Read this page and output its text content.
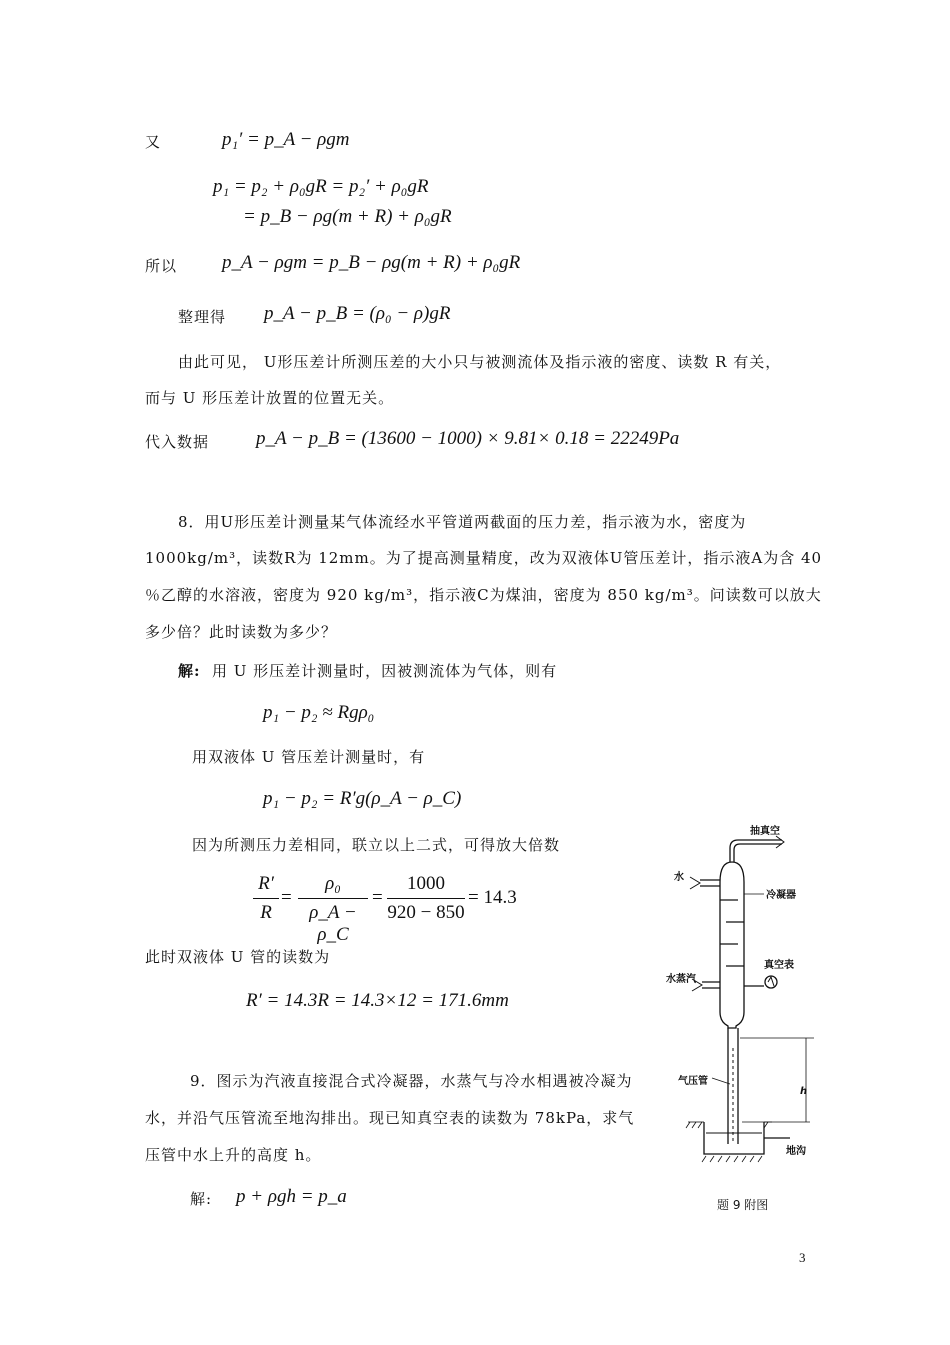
又	p₁′ = p_A − ρgm
p₁ = p₂ + ρ₀gR = p₂′ + ρ₀gR
= p_B − ρg(m + R) + ρ₀gR
所以 p_A − ρgm = p_B − ρg(m + R) + ρ₀gR
整理得 p_A − p_B = (ρ₀ − ρ)gR
由此可见， U形压差计所测压差的大小只与被测流体及指示液的密度、读数 R 有关，
而与 U 形压差计放置的位置无关。
代入数据 p_A − p_B = (13600 − 1000) × 9.81× 0.18 = 22249Pa
8．用U形压差计测量某气体流经水平管道两截面的压力差，指示液为水，密度为
1000kg/m³，读数R为 12mm。为了提高测量精度，改为双液体U管压差计，指示液A为含 40
％乙醇的水溶液，密度为 920 kg/m³，指示液C为煤油，密度为 850 kg/m³。问读数可以放大
多少倍？此时读数为多少？
解: 用 U 形压差计测量时，因被测流体为气体，则有
p₁ − p₂ ≈ Rgρ₀
用双液体 U 管压差计测量时，有
p₁ − p₂ = R′g(ρ_A − ρ_C)
因为所测压力差相同，联立以上二式，可得放大倍数
R′
R
=
ρ₀
ρ_A − ρ_C
=
1000
920 − 850
= 14.3
此时双液体 U 管的读数为
R′ = 14.3R = 14.3×12 = 171.6mm
9．图示为汽液直接混合式冷凝器，水蒸气与冷水相遇被冷凝为
水，并沿气压管流至地沟排出。现已知真空表的读数为 78kPa，求气
压管中水上升的高度 h。
解: p + ρgh = p_a
抽真空
水
冷凝器
真空表
水蒸汽
气压管
h
地沟
题 9 附图
3
